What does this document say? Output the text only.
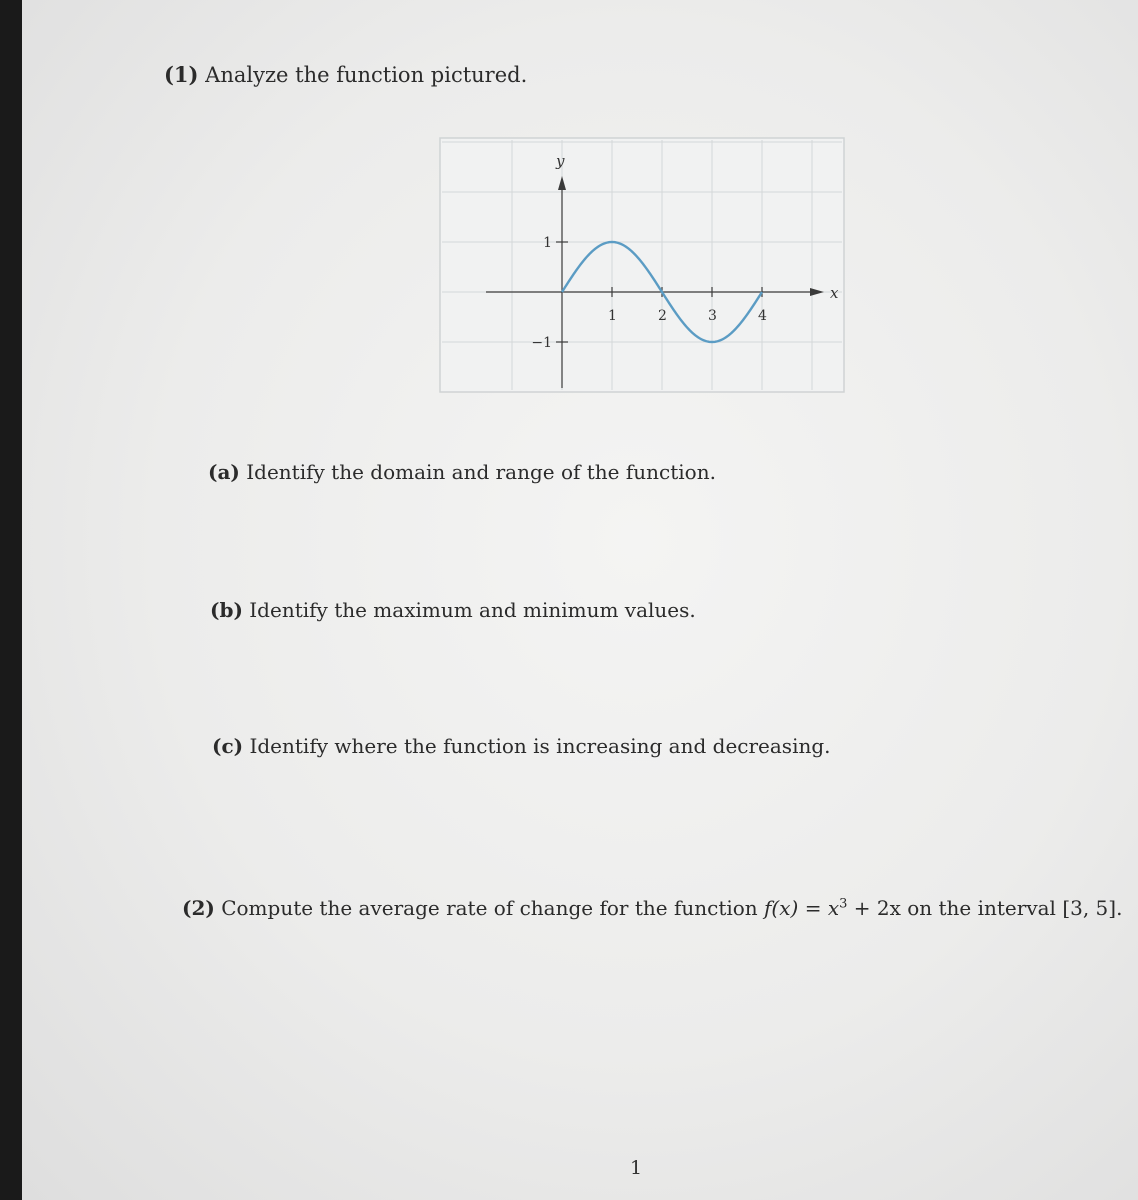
(1) Analyze the function pictured.
x
y
1	2	3	4
1
−1
(a) Identify the domain and range of the function.
(b) Identify the maximum and minimum values.
(c) Identify where the function is increasing and decreasing.
(2) Compute the average rate of change for the function $f(x) = x^3 + 2x$ on the interval [3, 5].
1
